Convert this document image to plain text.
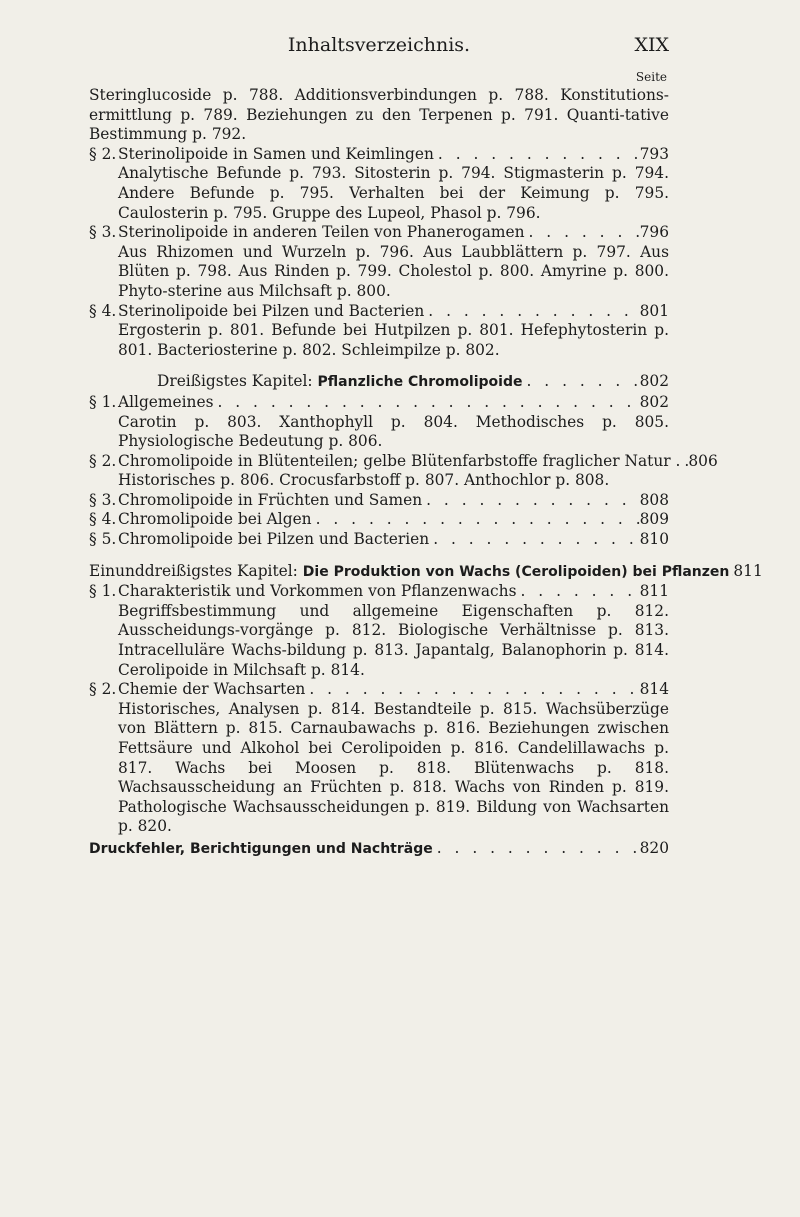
Inhaltsverzeichnis.	XIX
Seite
Steringlucoside p. 788. Additionsverbindungen p. 788. Konstitutions-ermittlung p. 789. Beziehungen zu den Terpenen p. 791. Quanti-tative Bestimmung p. 792.
§ 2. Sterinolipoide in Samen und Keimlingen . . .	793
Analytische Befunde p. 793. Sitosterin p. 794. Stigmasterin p. 794. Andere Befunde p. 795. Verhalten bei der Keimung p. 795. Caulosterin p. 795. Gruppe des Lupeol, Phasol p. 796.
§ 3. Sterinolipoide in anderen Teilen von Phanerogamen . . .	796
Aus Rhizomen und Wurzeln p. 796. Aus Laubblättern p. 797. Aus Blüten p. 798. Aus Rinden p. 799. Cholestol p. 800. Amyrine p. 800. Phyto-sterine aus Milchsaft p. 800.
§ 4. Sterinolipoide bei Pilzen und Bacterien . . .	801
Ergosterin p. 801. Befunde bei Hutpilzen p. 801. Hefephytosterin p. 801. Bacteriosterine p. 802. Schleimpilze p. 802.
Dreißigstes Kapitel: Pflanzliche Chromolipoide . . .	802
§ 1. Allgemeines . . .	802
Carotin p. 803. Xanthophyll p. 804. Methodisches p. 805. Physiologische Bedeutung p. 806.
§ 2. Chromolipoide in Blütenteilen; gelbe Blütenfarbstoffe fraglicher Natur . . . . 806
Historisches p. 806. Crocusfarbstoff p. 807. Anthochlor p. 808.
§ 3. Chromolipoide in Früchten und Samen . . .	808
§ 4. Chromolipoide bei Algen . . .	809
§ 5. Chromolipoide bei Pilzen und Bacterien . . .	810
Einunddreißigstes Kapitel: Die Produktion von Wachs (Cerolipoiden) bei Pflanzen . . . 811
§ 1. Charakteristik und Vorkommen von Pflanzenwachs . . .	811
Begriffsbestimmung und allgemeine Eigenschaften p. 812. Ausscheidungs-vorgänge p. 812. Biologische Verhältnisse p. 813. Intracelluläre Wachs-bildung p. 813. Japantalg, Balanophorin p. 814. Cerolipoide in Milchsaft p. 814.
§ 2. Chemie der Wachsarten . . .	814
Historisches, Analysen p. 814. Bestandteile p. 815. Wachsüberzüge von Blättern p. 815. Carnaubawachs p. 816. Beziehungen zwischen Fettsäure und Alkohol bei Cerolipoiden p. 816. Candelillawachs p. 817. Wachs bei Moosen p. 818. Blütenwachs p. 818. Wachsausscheidung an Früchten p. 818. Wachs von Rinden p. 819. Pathologische Wachsausscheidungen p. 819. Bildung von Wachsarten p. 820.
Druckfehler, Berichtigungen und Nachträge . . .	820
